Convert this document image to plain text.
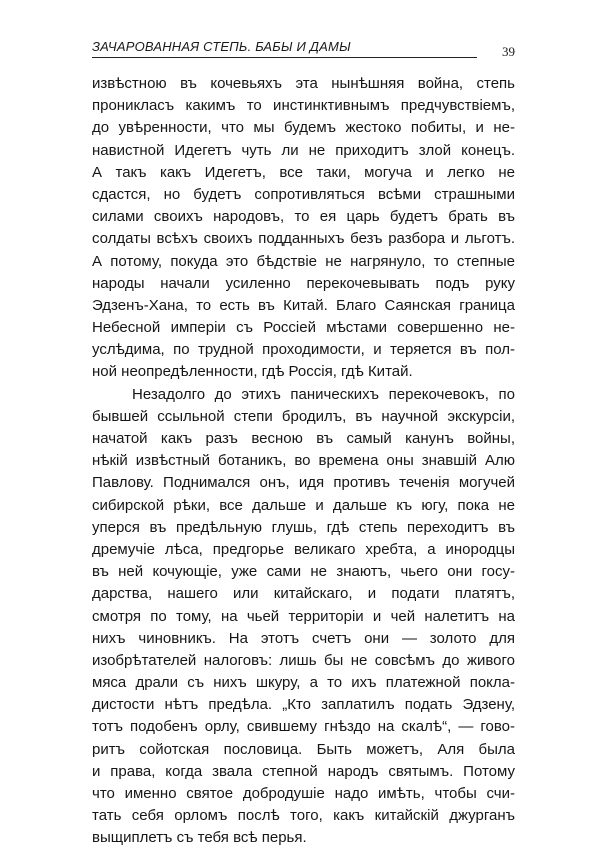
ЗАЧАРОВАННАЯ СТЕПЬ. БАБЫ И ДАМЫ	39
извѣстною въ кочевьяхъ эта нынѣшняя война, степь
проникласъ какимъ то инстинктивнымъ предчувствiемъ,
до увѣренности, что мы будемъ жестоко побиты, и не-
навистной Идегетъ чуть ли не приходитъ злой конецъ.
А такъ какъ Идегетъ, все таки, могуча и легко не
сдастся, но будетъ сопротивляться всѣми страшными
силами своихъ народовъ, то ея царь будетъ брать въ
солдаты всѣхъ своихъ подданныхъ безъ разбора и льготъ.
А потому, покуда это бѣдствiе не нагрянуло, то степные
народы начали усиленно перекочевывать подъ руку
Эдзенъ-Хана, то есть въ Китай. Благо Саянская граница
Небесной имперiи съ Россiей мѣстами совершенно не-
услѣдима, по трудной проходимости, и теряется въ пол-
ной неопредѣленности, гдѣ Россiя, гдѣ Китай.
Незадолго до этихъ паническихъ перекочевокъ, по
бывшей ссыльной степи бродилъ, въ научной экскурсiи,
начатой какъ разъ весною въ самый канунъ войны,
нѣкiй извѣстный ботаникъ, во времена оны знавшiй Алю
Павлову. Поднимался онъ, идя противъ теченiя могучей
сибирской рѣки, все дальше и дальше къ югу, пока не
уперся въ предѣльную глушь, гдѣ степь переходитъ въ
дремучiе лѣса, предгорье великаго хребта, а инородцы
въ ней кочующiе, уже сами не знаютъ, чьего они госу-
дарства, нашего или китайскаго, и подати платятъ,
смотря по тому, на чьей территорiи и чей налетитъ на
нихъ чиновникъ. На этотъ счетъ они — золото для
изобрѣтателей налоговъ: лишь бы не совсѣмъ до живого
мяса драли съ нихъ шкуру, а то ихъ платежной покла-
дистости нѣтъ предѣла. „Кто заплатилъ подать Эдзену,
тотъ подобенъ орлу, свившему гнѣздо на скалѣ“, — гово-
ритъ сойотская пословица. Быть можетъ, Аля была
и права, когда звала степной народъ святымъ. Потому
что именно святое добродушiе надо имѣть, чтобы счи-
тать себя орломъ послѣ того, какъ китайскiй джурганъ
выщиплетъ съ тебя всѣ перья.
